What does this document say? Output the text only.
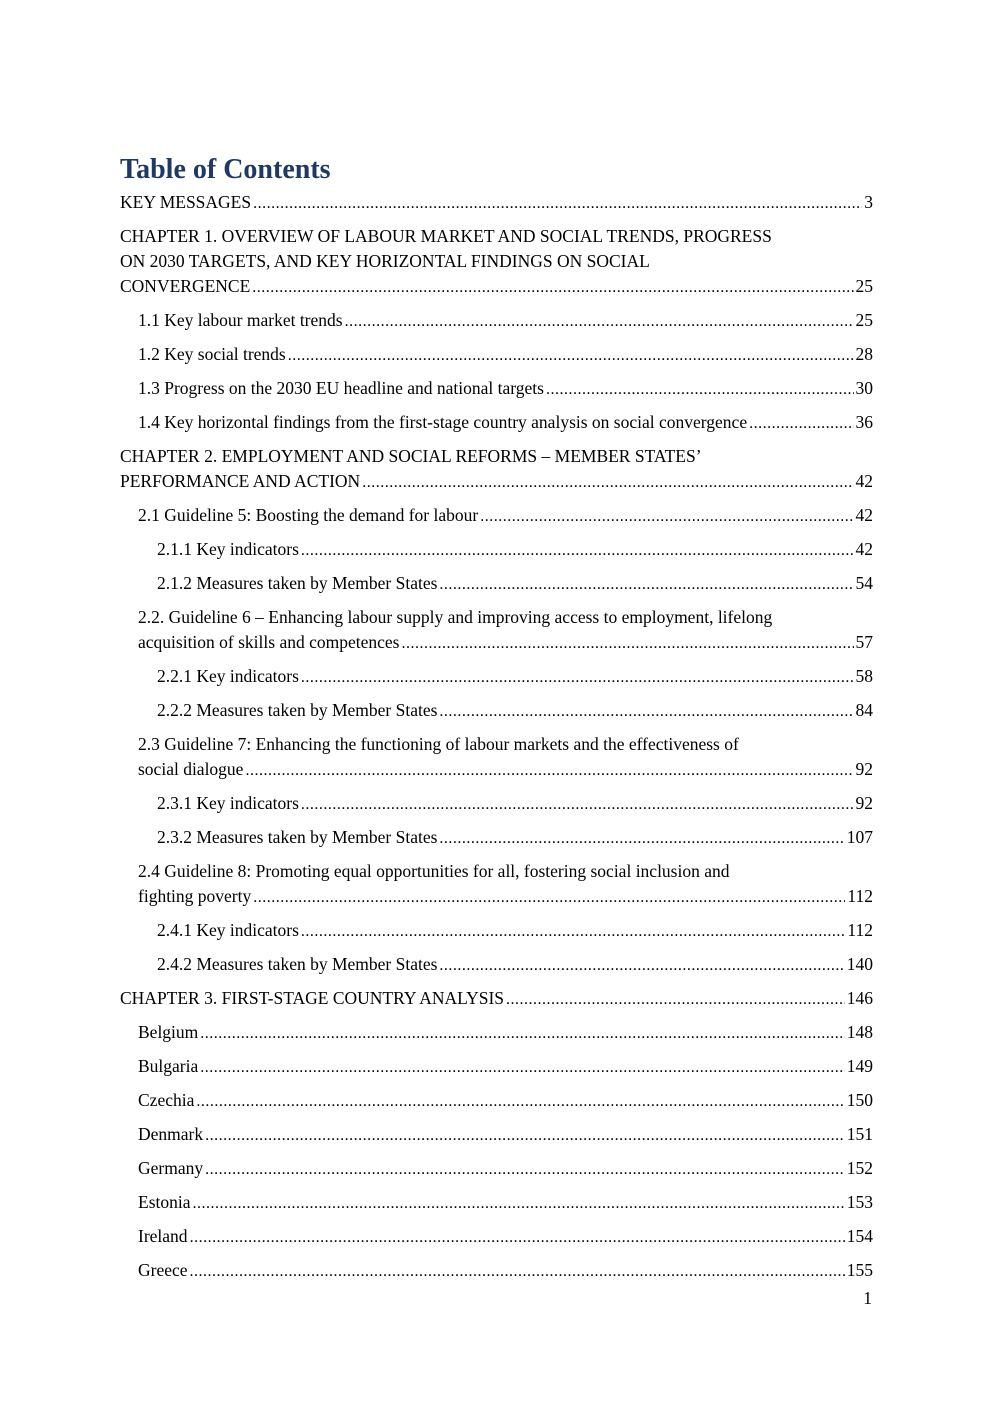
Table of Contents
KEY MESSAGES .....	3
CHAPTER 1. OVERVIEW OF LABOUR MARKET AND SOCIAL TRENDS, PROGRESS
ON 2030 TARGETS, AND KEY HORIZONTAL FINDINGS ON SOCIAL
CONVERGENCE .....	25
1.1 Key labour market trends .....	25
1.2 Key social trends .....	28
1.3 Progress on the 2030 EU headline and national targets .....	30
1.4 Key horizontal findings from the first-stage country analysis on social convergence .....	36
CHAPTER 2. EMPLOYMENT AND SOCIAL REFORMS – MEMBER STATES’
PERFORMANCE AND ACTION .....	42
2.1 Guideline 5: Boosting the demand for labour .....	42
2.1.1 Key indicators .....	42
2.1.2 Measures taken by Member States .....	54
2.2. Guideline 6 – Enhancing labour supply and improving access to employment, lifelong
acquisition of skills and competences .....	57
2.2.1 Key indicators .....	58
2.2.2 Measures taken by Member States .....	84
2.3 Guideline 7: Enhancing the functioning of labour markets and the effectiveness of
social dialogue .....	92
2.3.1 Key indicators .....	92
2.3.2 Measures taken by Member States .....	107
2.4 Guideline 8: Promoting equal opportunities for all, fostering social inclusion and
fighting poverty .....	112
2.4.1 Key indicators .....	112
2.4.2 Measures taken by Member States .....	140
CHAPTER 3. FIRST-STAGE COUNTRY ANALYSIS .....	146
Belgium .....	148
Bulgaria .....	149
Czechia .....	150
Denmark .....	151
Germany .....	152
Estonia .....	153
Ireland .....	154
Greece .....	155
1
